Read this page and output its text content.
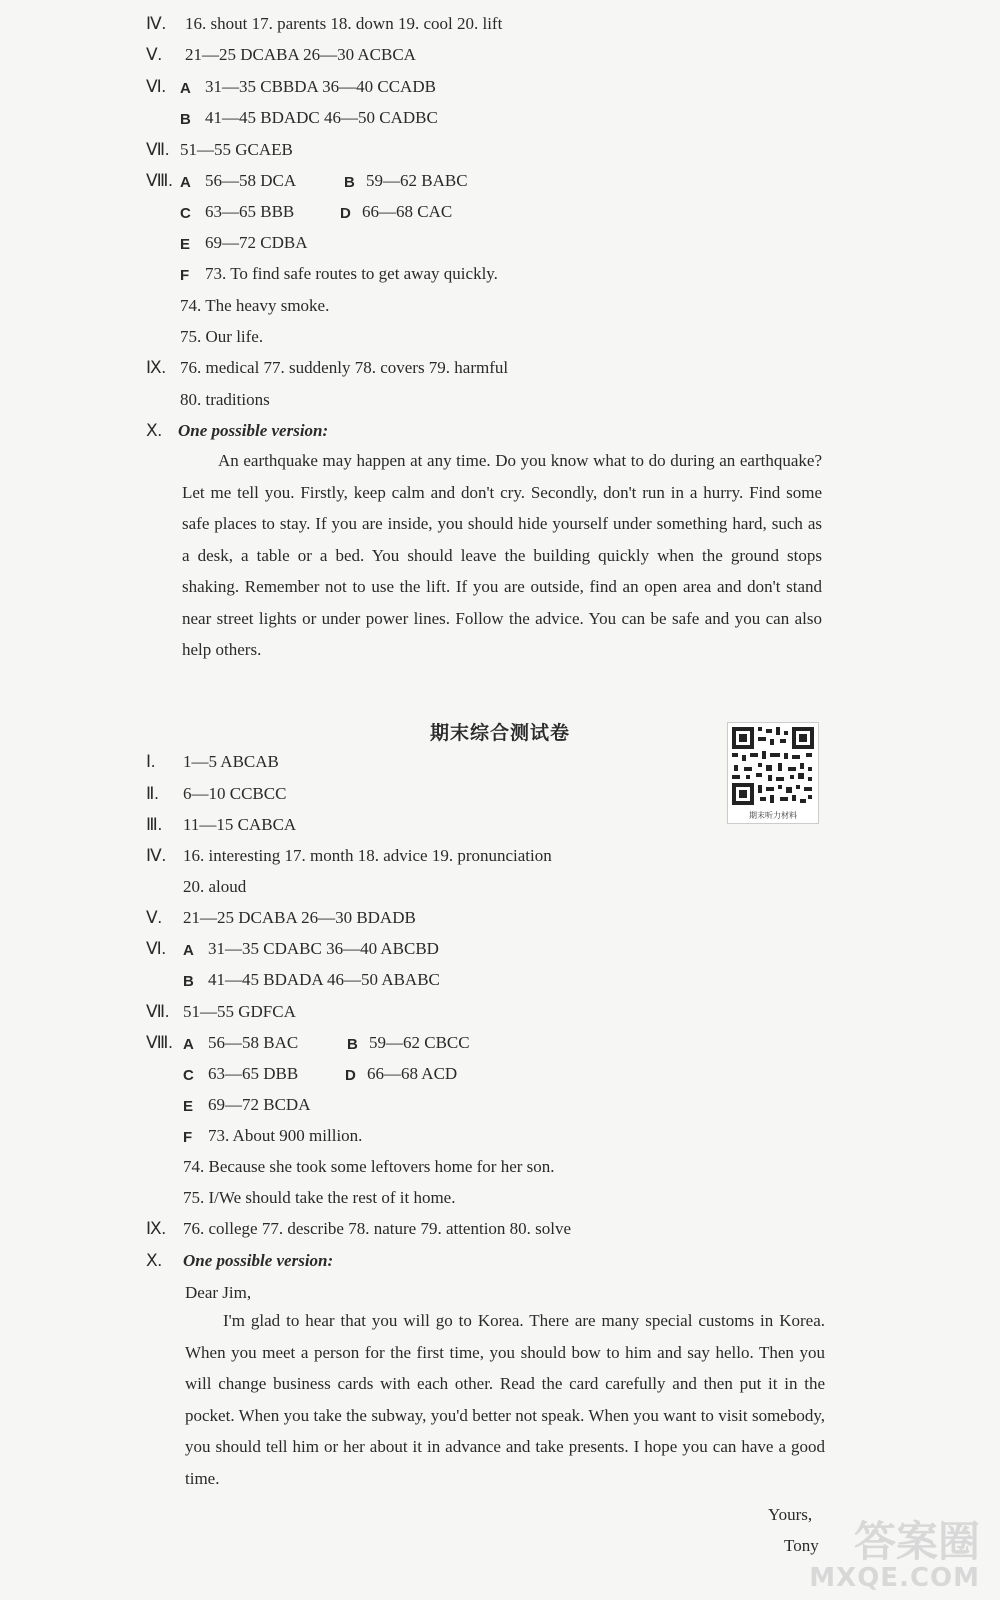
Ⅳ. 16. shout 17. parents 18. down 19. cool 20. lift
Ⅴ. 21—25 DCABA 26—30 ACBCA
Ⅵ. A 31—35 CBBDA 36—40 CCADB
B 41—45 BDADC 46—50 CADBC
Ⅶ. 51—55 GCAEB
Ⅷ. A 56—58 DCA	B 59—62 BABC
C 63—65 BBB	D 66—68 CAC
E 69—72 CDBA
F 73. To find safe routes to get away quickly.
74. The heavy smoke.
75. Our life.
Ⅸ. 76. medical 77. suddenly 78. covers 79. harmful
80. traditions
Ⅹ. One possible version:

An earthquake may happen at any time. Do you know what to do during an earthquake? Let me tell you. Firstly, keep calm and don't cry. Secondly, don't run in a hurry. Find some safe places to stay. If you are inside, you should hide yourself under something hard, such as a desk, a table or a bed. You should leave the building quickly when the ground stops shaking. Remember not to use the lift. If you are outside, find an open area and don't stand near street lights or under power lines. Follow the advice. You can be safe and you can also help others.

期末综合测试卷
期末听力材料
Ⅰ. 1—5 ABCAB
Ⅱ. 6—10 CCBCC
Ⅲ. 11—15 CABCA
Ⅳ. 16. interesting 17. month 18. advice 19. pronunciation
20. aloud
Ⅴ. 21—25 DCABA 26—30 BDADB
Ⅵ. A 31—35 CDABC 36—40 ABCBD
B 41—45 BDADA 46—50 ABABC
Ⅶ. 51—55 GDFCA
Ⅷ. A 56—58 BAC	B 59—62 CBCC
C 63—65 DBB	D 66—68 ACD
E 69—72 BCDA
F 73. About 900 million.
74. Because she took some leftovers home for her son.
75. I/We should take the rest of it home.
Ⅸ. 76. college 77. describe 78. nature 79. attention 80. solve
Ⅹ. One possible version:
Dear Jim,

I'm glad to hear that you will go to Korea. There are many special customs in Korea. When you meet a person for the first time, you should bow to him and say hello. Then you will change business cards with each other. Read the card carefully and then put it in the pocket. When you take the subway, you'd better not speak. When you want to visit somebody, you should tell him or her about it in advance and take presents. I hope you can have a good time.

Yours,
Tony 答案圈
MXQE.COM
